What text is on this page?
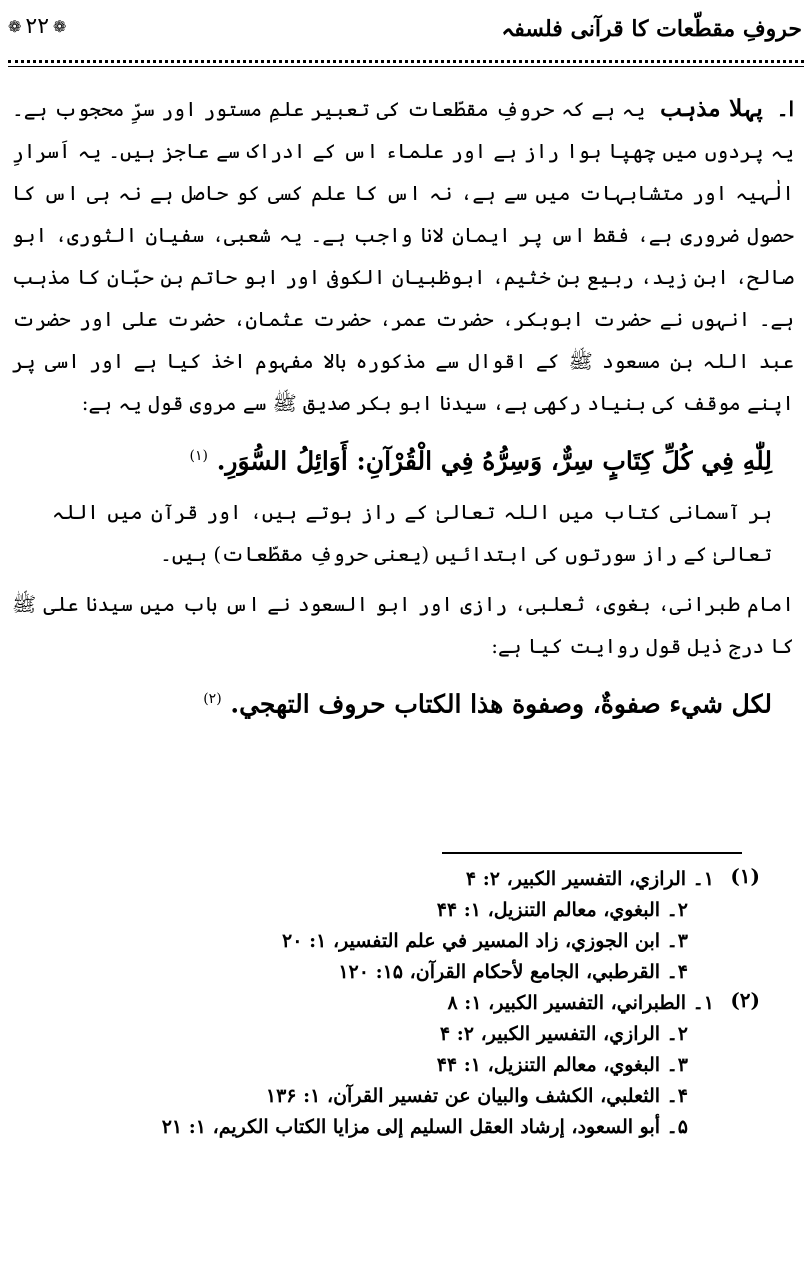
حروفِ مقطّعات کا قرآنی فلسفہ
❁
۲۲
❁

ا۔پہلا مذہب یہ ہے کہ حروفِ مقطّعات کی تعبیر علمِ مستور اور سرِّ محجوب ہے۔ یہ پردوں میں چھپا ہوا راز ہے اور علماء اس کے ادراک سے عاجز ہیں۔ یہ اَسرارِ الٰہیہ اور متشابہات میں سے ہے، نہ اس کا علم کسی کو حاصل ہے نہ ہی اس کا حصول ضروری ہے، فقط اس پر ایمان لانا واجب ہے۔ یہ شعبی، سفیان الثوری، ابو صالح، ابن زید، ربیع بن خثیم، ابوظبیان الکوفی اور ابو حاتم بن حبّان کا مذہب ہے۔ انہوں نے حضرت ابوبکر، حضرت عمر، حضرت عثمان، حضرت علی اور حضرت عبد اللہ بن مسعود ﷺ کے اقوال سے مذکورہ بالا مفہوم اخذ کیا ہے اور اسی پر اپنے موقف کی بنیاد رکھی ہے، سیدنا ابو بکر صدیق ﷺ سے مروی قول یہ ہے:

لِلّٰهِ فِي كُلِّ كِتَابٍ سِرٌّ، وَسِرُّهُ فِي الْقُرْآنِ: أَوَائِلُ السُّوَرِ. $^{(۱)}$
ہر آسمانی کتاب میں اللہ تعالیٰ کے راز ہوتے ہیں، اور قرآن میں اللہ تعالیٰ کے راز سورتوں کی ابتدائیں (یعنی حروفِ مقطّعات) ہیں۔

امام طبرانی، بغوی، ثعلبی، رازی اور ابو السعود نے اس باب میں سیدنا علی ﷺ کا درج ذیل قول روایت کیا ہے:

لكل شيء صفوةٌ، وصفوة هذا الكتاب حروف التهجي. $^{(۲)}$
(۱)
۱۔ الرازي، التفسير الكبير، ۲: ۴
۲۔ البغوي، معالم التنزيل، ۱: ۴۴
۳۔ ابن الجوزي، زاد المسير في علم التفسير، ۱: ۲۰
۴۔ القرطبي، الجامع لأحكام القرآن، ۱۵: ۱۲۰
(۲)
۱۔ الطبراني، التفسير الكبير، ۱: ۸
۲۔ الرازي، التفسير الكبير، ۲: ۴
۳۔ البغوي، معالم التنزيل، ۱: ۴۴
۴۔ الثعلبي، الكشف والبيان عن تفسير القرآن، ۱: ۱۳۶
۵۔ أبو السعود، إرشاد العقل السليم إلى مزايا الكتاب الكريم، ۱: ۲۱
